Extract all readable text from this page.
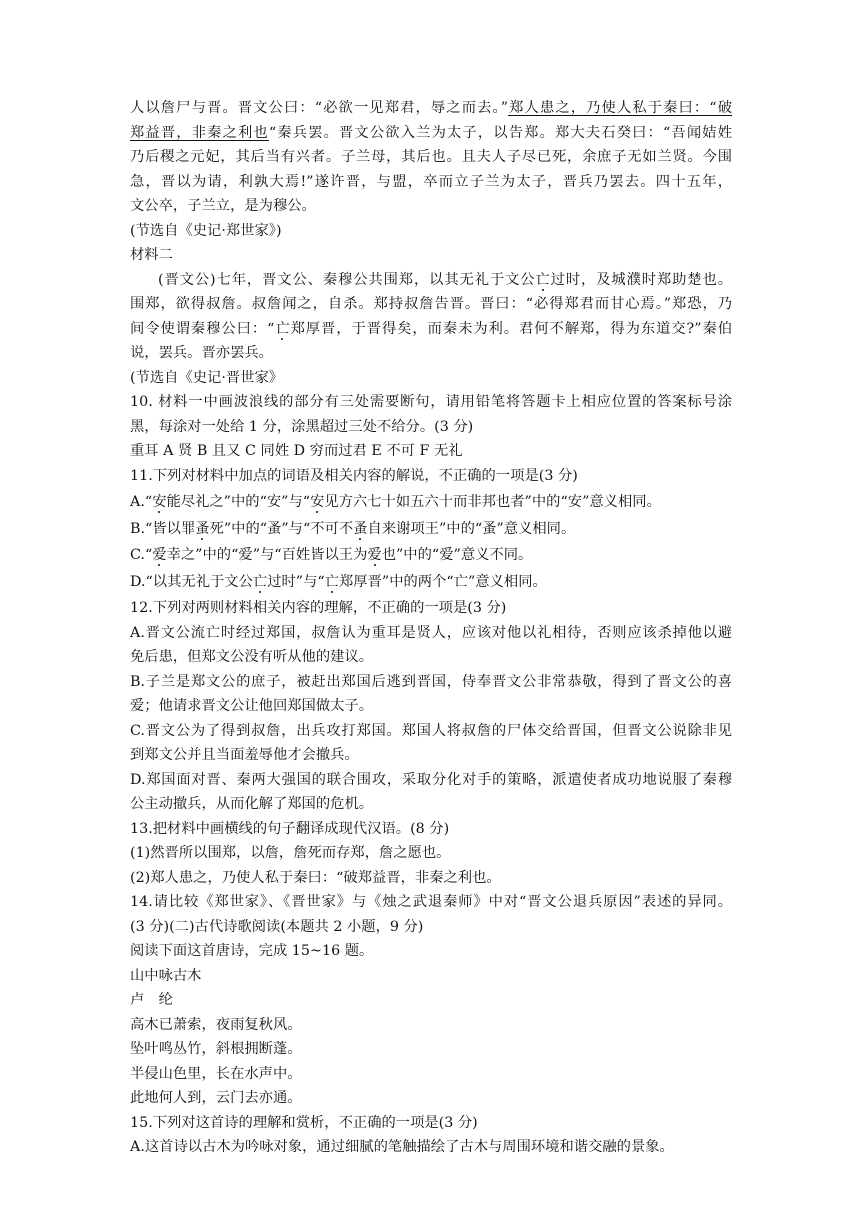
人以詹尸与晋。晋文公曰：“必欲一见郑君，辱之而去。”郑人患之，乃使人私于秦曰：“破
郑益晋，非秦之利也“秦兵罢。晋文公欲入兰为太子，以告郑。郑大夫石癸曰：“吾闻姞姓
乃后稷之元妃，其后当有兴者。子兰母，其后也。且夫人子尽已死，余庶子无如兰贤。今围
急，晋以为请，利孰大焉!”遂许晋，与盟，卒而立子兰为太子，晋兵乃罢去。四十五年，
文公卒，子兰立，是为穆公。
(节选自《史记·郑世家》)
材料二
(晋文公)七年，晋文公、秦穆公共围郑，以其无礼于文公亡过时，及城濮时郑助楚也。
围郑，欲得叔詹。叔詹闻之，自杀。郑持叔詹告晋。晋曰：“必得郑君而甘心焉。”郑恐，乃
间令使谓秦穆公曰：“亡郑厚晋，于晋得矣，而秦未为利。君何不解郑，得为东道交?”秦伯
说，罢兵。晋亦罢兵。
(节选自《史记·晋世家》
10. 材料一中画波浪线的部分有三处需要断句，请用铅笔将答题卡上相应位置的答案标号涂
黑，每涂对一处给 1 分，涂黑超过三处不给分。(3 分)
重耳 A 贤 B 且又 C 同姓 D 穷而过君 E 不可 F 无礼
11.下列对材料中加点的词语及相关内容的解说，不正确的一项是(3 分)
A.“安能尽礼之”中的“安”与“安见方六七十如五六十而非邦也者”中的“安”意义相同。
B.“皆以罪蚤死”中的“蚤”与“不可不蚤自来谢项王”中的“蚤”意义相同。
C.“爱幸之”中的“爱”与“百姓皆以王为爱也”中的“爱”意义不同。
D.“以其无礼于文公亡过时”与“亡郑厚晋”中的两个“亡”意义相同。
12.下列对两则材料相关内容的理解，不正确的一项是(3 分)
A.晋文公流亡时经过郑国，叔詹认为重耳是贤人，应该对他以礼相待，否则应该杀掉他以避
免后患，但郑文公没有听从他的建议。
B.子兰是郑文公的庶子，被赶出郑国后逃到晋国，侍奉晋文公非常恭敬，得到了晋文公的喜
爱；他请求晋文公让他回郑国做太子。
C.晋文公为了得到叔詹，出兵攻打郑国。郑国人将叔詹的尸体交给晋国，但晋文公说除非见
到郑文公并且当面羞辱他才会撤兵。
D.郑国面对晋、秦两大强国的联合围攻，采取分化对手的策略，派遣使者成功地说服了秦穆
公主动撤兵，从而化解了郑国的危机。
13.把材料中画横线的句子翻译成现代汉语。(8 分)
(1)然晋所以围郑，以詹，詹死而存郑，詹之愿也。
(2)郑人患之，乃使人私于秦曰：“破郑益晋，非秦之利也。
14.请比较《郑世家》、《晋世家》与《烛之武退秦师》中对“晋文公退兵原因”表述的异同。
(3 分)(二)古代诗歌阅读(本题共 2 小题，9 分)
阅读下面这首唐诗，完成 15~16 题。
山中咏古木
卢　纶
高木已萧索，夜雨复秋风。
坠叶鸣丛竹，斜根拥断蓬。
半侵山色里，长在水声中。
此地何人到，云门去亦通。
15.下列对这首诗的理解和赏析，不正确的一项是(3 分)
A.这首诗以古木为吟咏对象，通过细腻的笔触描绘了古木与周围环境和谐交融的景象。
